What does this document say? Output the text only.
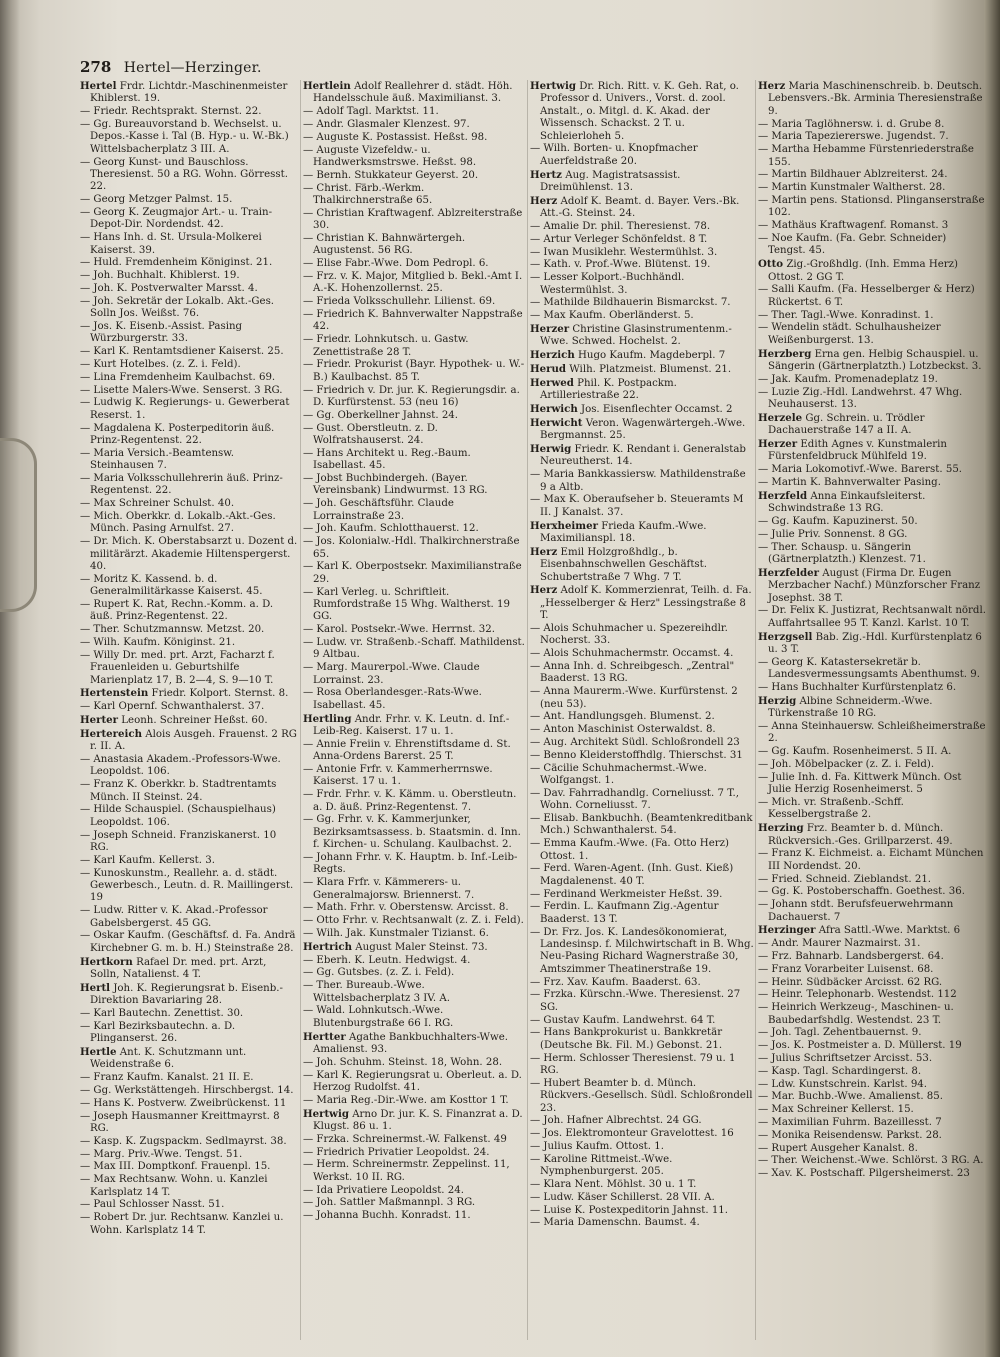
278 Hertel—Herzinger.
Hertel Frdr. Lichtdr.-Maschinenmeister Khiblerst. 19.
— Friedr. Rechtsprakt. Sternst. 22.
— Gg. Bureauvorstand b. Wechselst. u. Depos.-Kasse i. Tal (B. Hyp.- u. W.-Bk.) Wittelsbacherplatz 3 III. A.
— Georg Kunst- und Bauschloss. Theresienst. 50 a RG. Wohn. Görresst. 22.
— Georg Metzger Palmst. 15.
— Georg K. Zeugmajor Art.- u. Train-Depot-Dir. Nordendst. 42.
— Hans Inh. d. St. Ursula-Molkerei Kaiserst. 39.
— Huld. Fremdenheim Königinst. 21.
— Joh. Buchhalt. Khiblerst. 19.
— Joh. K. Postverwalter Marsst. 4.
— Joh. Sekretär der Lokalb. Akt.-Ges. Solln Jos. Weißst. 76.
— Jos. K. Eisenb.-Assist. Pasing Würzburgerstr. 33.
— Karl K. Rentamtsdiener Kaiserst. 25.
— Kurt Hotelbes. (z. Z. i. Feld).
— Lina Fremdenheim Kaulbachst. 69.
— Lisette Malers-Wwe. Senserst. 3 RG.
— Ludwig K. Regierungs- u. Gewerberat Reserst. 1.
— Magdalena K. Posterpeditorin äuß. Prinz-Regentenst. 22.
— Maria Versich.-Beamtensw. Steinhausen 7.
— Maria Volksschullehrerin äuß. Prinz-Regentenst. 22.
— Max Schreiner Schulst. 40.
— Mich. Oberkkr. d. Lokalb.-Akt.-Ges. Münch. Pasing Arnulfst. 27.
— Dr. Mich. K. Oberstabsarzt u. Dozent d. militärärzt. Akademie Hiltenspergerst. 40.
— Moritz K. Kassend. b. d. Generalmilitärkasse Kaiserst. 45.
— Rupert K. Rat, Rechn.-Komm. a. D. äuß. Prinz-Regentenst. 22.
— Ther. Schutzmannsw. Metzst. 20.
— Wilh. Kaufm. Königinst. 21.
— Willy Dr. med. prt. Arzt, Facharzt f. Frauenleiden u. Geburtshilfe Marienplatz 17, B. 2—4, S. 9—10 T.
Hertenstein Friedr. Kolport. Sternst. 8.
— Karl Opernf. Schwanthalerst. 37.
Herter Leonh. Schreiner Heßst. 60.
Hertereich Alois Ausgeh. Frauenst. 2 RG r. II. A.
— Anastasia Akadem.-Professors-Wwe. Leopoldst. 106.
— Franz K. Oberkkr. b. Stadtrentamts Münch. II Steinst. 24.
— Hilde Schauspiel. (Schauspielhaus) Leopoldst. 106.
— Joseph Schneid. Franziskanerst. 10 RG.
— Karl Kaufm. Kellerst. 3.
— Kunoskunstm., Reallehr. a. d. städt. Gewerbesch., Leutn. d. R. Maillingerst. 19
— Ludw. Ritter v. K. Akad.-Professor Gabelsbergerst. 45 GG.
— Oskar Kaufm. (Geschäftsf. d. Fa. Andrä Kirchebner G. m. b. H.) Steinstraße 28.
Hertkorn Rafael Dr. med. prt. Arzt, Solln, Natalienst. 4 T.
Hertl Joh. K. Regierungsrat b. Eisenb.-Direktion Bavariaring 28.
— Karl Bautechn. Zenettist. 30.
— Karl Bezirksbautechn. a. D. Plinganserst. 26.
Hertle Ant. K. Schutzmann unt. Weidenstraße 6.
— Franz Kaufm. Kanalst. 21 II. E.
— Gg. Werkstättengeh. Hirschbergst. 14.
— Hans K. Postverw. Zweibrückenst. 11
— Joseph Hausmanner Kreittmayrst. 8 RG.
— Kasp. K. Zugspackm. Sedlmayrst. 38.
— Marg. Priv.-Wwe. Tengst. 51.
— Max III. Domptkonf. Frauenpl. 15.
— Max Rechtsanw. Wohn. u. Kanzlei Karlsplatz 14 T.
— Paul Schlosser Nasst. 51.
— Robert Dr. jur. Rechtsanw. Kanzlei u. Wohn. Karlsplatz 14 T.
Hertlein Adolf Reallehrer d. städt. Höh. Handelsschule äuß. Maximilianst. 3.
— Adolf Tagl. Marktst. 11.
— Andr. Glasmaler Klenzest. 97.
— Auguste K. Postassist. Heßst. 98.
— Auguste Vizefeldw.- u. Handwerksmstrswe. Heßst. 98.
— Bernh. Stukkateur Geyerst. 20.
— Christ. Färb.-Werkm. Thalkirchnerstraße 65.
— Christian Kraftwagenf. Ablzreiterstraße 30.
— Christian K. Bahnwärtergeh. Augustenst. 56 RG.
— Elise Fabr.-Wwe. Dom Pedropl. 6.
— Frz. v. K. Major, Mitglied b. Bekl.-Amt I. A.-K. Hohenzollernst. 25.
— Frieda Volksschullehr. Lilienst. 69.
— Friedrich K. Bahnverwalter Nappstraße 42.
— Friedr. Lohnkutsch. u. Gastw. Zenettistraße 28 T.
— Friedr. Prokurist (Bayr. Hypothek- u. W.-B.) Kaulbachst. 85 T.
— Friedrich v. Dr. jur. K. Regierungsdir. a. D. Kurfürstenst. 53 (neu 16)
— Gg. Oberkellner Jahnst. 24.
— Gust. Oberstleutn. z. D. Wolfratshauserst. 24.
— Hans Architekt u. Reg.-Baum. Isabellast. 45.
— Jobst Buchbindergeh. (Bayer. Vereinsbank) Lindwurmst. 13 RG.
— Joh. Geschäftsführ. Claude Lorrainstraße 23.
— Joh. Kaufm. Schlotthauerst. 12.
— Jos. Kolonialw.-Hdl. Thalkirchnerstraße 65.
— Karl K. Oberpostsekr. Maximilianstraße 29.
— Karl Verleg. u. Schriftleit. Rumfordstraße 15 Whg. Waltherst. 19 GG.
— Karol. Postsekr.-Wwe. Herrnst. 32.
— Ludw. vr. Straßenb.-Schaff. Mathildenst. 9 Altbau.
— Marg. Maurerpol.-Wwe. Claude Lorrainst. 23.
— Rosa Oberlandesger.-Rats-Wwe. Isabellast. 45.
Hertling Andr. Frhr. v. K. Leutn. d. Inf.-Leib-Reg. Kaiserst. 17 u. 1.
— Annie Freiin v. Ehrenstiftsdame d. St. Anna-Ordens Barerst. 25 T.
— Antonie Frfr. v. Kammerherrnswe. Kaiserst. 17 u. 1.
— Frdr. Frhr. v. K. Kämm. u. Oberstleutn. a. D. äuß. Prinz-Regentenst. 7.
— Gg. Frhr. v. K. Kammerjunker, Bezirksamtsassess. b. Staatsmin. d. Inn. f. Kirchen- u. Schulang. Kaulbachst. 2.
— Johann Frhr. v. K. Hauptm. b. Inf.-Leib-Regts.
— Klara Frfr. v. Kämmerers- u. Generalmajorsw. Briennerst. 7.
— Math. Frhr. v. Oberstensw. Arcisst. 8.
— Otto Frhr. v. Rechtsanwalt (z. Z. i. Feld).
— Wilh. Jak. Kunstmaler Tizianst. 6.
Hertrich August Maler Steinst. 73.
— Eberh. K. Leutn. Hedwigst. 4.
— Gg. Gutsbes. (z. Z. i. Feld).
— Ther. Bureaub.-Wwe. Wittelsbacherplatz 3 IV. A.
— Wald. Lohnkutsch.-Wwe. Blutenburgstraße 66 I. RG.
Hertter Agathe Bankbuchhalters-Wwe. Amalienst. 93.
— Joh. Schuhm. Steinst. 18, Wohn. 28.
— Karl K. Regierungsrat u. Oberleut. a. D. Herzog Rudolfst. 41.
— Maria Reg.-Dir.-Wwe. am Kosttor 1 T.
Hertwig Arno Dr. jur. K. S. Finanzrat a. D. Klugst. 86 u. 1.
— Frzka. Schreinermst.-W. Falkenst. 49
— Friedrich Privatier Leopoldst. 24.
— Herm. Schreinermstr. Zeppelinst. 11, Werkst. 10 II. RG.
— Ida Privatiere Leopoldst. 24.
— Joh. Sattler Maßmannpl. 3 RG.
— Johanna Buchh. Konradst. 11.
Hertwig Dr. Rich. Ritt. v. K. Geh. Rat, o. Professor d. Univers., Vorst. d. zool. Anstalt., o. Mitgl. d. K. Akad. der Wissensch. Schackst. 2 T. u. Schleierloheh 5.
— Wilh. Borten- u. Knopfmacher Auerfeldstraße 20.
Hertz Aug. Magistratsassist. Dreimühlenst. 13.
Herz Adolf K. Beamt. d. Bayer. Vers.-Bk. Att.-G. Steinst. 24.
— Amalie Dr. phil. Theresienst. 78.
— Artur Verleger Schönfeldst. 8 T.
— Iwan Musiklehr. Westermühlst. 3.
— Kath. v. Prof.-Wwe. Blütenst. 19.
— Lesser Kolport.-Buchhändl. Westermühlst. 3.
— Mathilde Bildhauerin Bismarckst. 7.
— Max Kaufm. Oberländerst. 5.
Herzer Christine Glasinstrumentenm.-Wwe. Schwed. Hochelst. 2.
Herzich Hugo Kaufm. Magdeberpl. 7
Herud Wilh. Platzmeist. Blumenst. 21.
Herwed Phil. K. Postpackm. Artilleriestraße 22.
Herwich Jos. Eisenflechter Occamst. 2
Herwicht Veron. Wagenwärtergeh.-Wwe. Bergmannst. 25.
Herwig Friedr. K. Rendant i. Generalstab Neureutherst. 14.
— Maria Bankkassiersw. Mathildenstraße 9 a Altb.
— Max K. Oberaufseher b. Steueramts M II. J Kanalst. 37.
Herxheimer Frieda Kaufm.-Wwe. Maximilianspl. 18.
Herz Emil Holzgroßhdlg., b. Eisenbahnschwellen Geschäftst. Schubertstraße 7 Whg. 7 T.
Herz Adolf K. Kommerzienrat, Teilh. d. Fa. „Hesselberger & Herz" Lessingstraße 8 T.
— Alois Schuhmacher u. Spezereihdlr. Nocherst. 33.
— Alois Schuhmachermstr. Occamst. 4.
— Anna Inh. d. Schreibgesch. „Zentral" Baaderst. 13 RG.
— Anna Maurerm.-Wwe. Kurfürstenst. 2 (neu 53).
— Ant. Handlungsgeh. Blumenst. 2.
— Anton Maschinist Osterwaldst. 8.
— Aug. Architekt Südl. Schloßrondell 23
— Benno Kleiderstoffhdlg. Thierschst. 31
— Cäcilie Schuhmachermst.-Wwe. Wolfgangst. 1.
— Dav. Fahrradhandlg. Corneliusst. 7 T., Wohn. Corneliusst. 7.
— Elisab. Bankbuchh. (Beamtenkreditbank Mch.) Schwanthalerst. 54.
— Emma Kaufm.-Wwe. (Fa. Otto Herz) Ottost. 1.
— Ferd. Waren-Agent. (Inh. Gust. Kieß) Magdalenenst. 40 T.
— Ferdinand Werkmeister Heßst. 39.
— Ferdin. L. Kaufmann Zig.-Agentur Baaderst. 13 T.
— Dr. Frz. Jos. K. Landesökonomierat, Landesinsp. f. Milchwirtschaft in B. Whg. Neu-Pasing Richard Wagnerstraße 30, Amtszimmer Theatinerstraße 19.
— Frz. Xav. Kaufm. Baaderst. 63.
— Frzka. Kürschn.-Wwe. Theresienst. 27 SG.
— Gustav Kaufm. Landwehrst. 64 T.
— Hans Bankprokurist u. Bankkretär (Deutsche Bk. Fil. M.) Gebonst. 21.
— Herm. Schlosser Theresienst. 79 u. 1 RG.
— Hubert Beamter b. d. Münch. Rückvers.-Gesellsch. Südl. Schloßrondell 23.
— Joh. Hafner Albrechtst. 24 GG.
— Jos. Elektromonteur Gravelottest. 16
— Julius Kaufm. Ottost. 1.
— Karoline Rittmeist.-Wwe. Nymphenburgerst. 205.
— Klara Nent. Möhlst. 30 u. 1 T.
— Ludw. Käser Schillerst. 28 VII. A.
— Luise K. Postexpeditorin Jahnst. 11.
— Maria Damenschn. Baumst. 4.
Herz Maria Maschinenschreib. b. Deutsch. Lebensvers.-Bk. Arminia Theresienstraße 9.
— Maria Taglöhnersw. i. d. Grube 8.
— Maria Tapeziererswe. Jugendst. 7.
— Martha Hebamme Fürstenriederstraße 155.
— Martin Bildhauer Ablzreiterst. 24.
— Martin Kunstmaler Waltherst. 28.
— Martin pens. Stationsd. Plinganserstraße 102.
— Mathäus Kraftwagenf. Romanst. 3
— Noe Kaufm. (Fa. Gebr. Schneider) Tengst. 45.
Otto Zig.-Großhdlg. (Inh. Emma Herz) Ottost. 2 GG T.
— Salli Kaufm. (Fa. Hesselberger & Herz) Rückertst. 6 T.
— Ther. Tagl.-Wwe. Konradinst. 1.
— Wendelin städt. Schulhausheizer Weißenburgerst. 13.
Herzberg Erna gen. Helbig Schauspiel. u. Sängerin (Gärtnerplatzth.) Lotzbeckst. 3.
— Jak. Kaufm. Promenadeplatz 19.
— Luzie Zig.-Hdl. Landwehrst. 47 Whg. Neuhauserst. 13.
Herzele Gg. Schrein. u. Trödler Dachauerstraße 147 a II. A.
Herzer Edith Agnes v. Kunstmalerin Fürstenfeldbruck Mühlfeld 19.
— Maria Lokomotivf.-Wwe. Barerst. 55.
— Martin K. Bahnverwalter Pasing.
Herzfeld Anna Einkaufsleiterst. Schwindstraße 13 RG.
— Gg. Kaufm. Kapuzinerst. 50.
— Julie Priv. Sonnenst. 8 GG.
— Ther. Schausp. u. Sängerin (Gärtnerplatzth.) Klenzest. 71.
Herzfelder August (Firma Dr. Eugen Merzbacher Nachf.) Münzforscher Franz Josephst. 38 T.
— Dr. Felix K. Justizrat, Rechtsanwalt nördl. Auffahrtsallee 95 T. Kanzl. Karlst. 10 T.
Herzgsell Bab. Zig.-Hdl. Kurfürstenplatz 6 u. 3 T.
— Georg K. Katastersekretär b. Landesvermessungsamts Abenthumst. 9.
— Hans Buchhalter Kurfürstenplatz 6.
Herzig Albine Schneiderm.-Wwe. Türkenstraße 10 RG.
— Anna Steinhauersw. Schleißheimerstraße 2.
— Gg. Kaufm. Rosenheimerst. 5 II. A.
— Joh. Möbelpacker (z. Z. i. Feld).
— Julie Inh. d. Fa. Kittwerk Münch. Ost Julie Herzig Rosenheimerst. 5
— Mich. vr. Straßenb.-Schff. Kesselbergstraße 2.
Herzing Frz. Beamter b. d. Münch. Rückversich.-Ges. Grillparzerst. 49.
— Franz K. Eichmeist. a. Eichamt München III Nordendst. 20.
— Fried. Schneid. Zieblandst. 21.
— Gg. K. Postoberschaffn. Goethest. 36.
— Johann stdt. Berufsfeuerwehrmann Dachauerst. 7
Herzinger Afra Sattl.-Wwe. Marktst. 6
— Andr. Maurer Nazmairst. 31.
— Frz. Bahnarb. Landsbergerst. 64.
— Franz Vorarbeiter Luisenst. 68.
— Heinr. Südbäcker Arcisst. 62 RG.
— Heinr. Telephonarb. Westendst. 112
— Heinrich Werkzeug-, Maschinen- u. Baubedarfshdlg. Westendst. 23 T.
— Joh. Tagl. Zehentbauernst. 9.
— Jos. K. Postmeister a. D. Müllerst. 19
— Julius Schriftsetzer Arcisst. 53.
— Kasp. Tagl. Schardingerst. 8.
— Ldw. Kunstschrein. Karlst. 94.
— Mar. Buchb.-Wwe. Amalienst. 85.
— Max Schreiner Kellerst. 15.
— Maximilian Fuhrm. Bazeillesst. 7
— Monika Reisendensw. Parkst. 28.
— Rupert Ausgeher Kanalst. 8.
— Ther. Weichenst.-Wwe. Schlörst. 3 RG. A.
— Xav. K. Postschaff. Pilgersheimerst. 23
